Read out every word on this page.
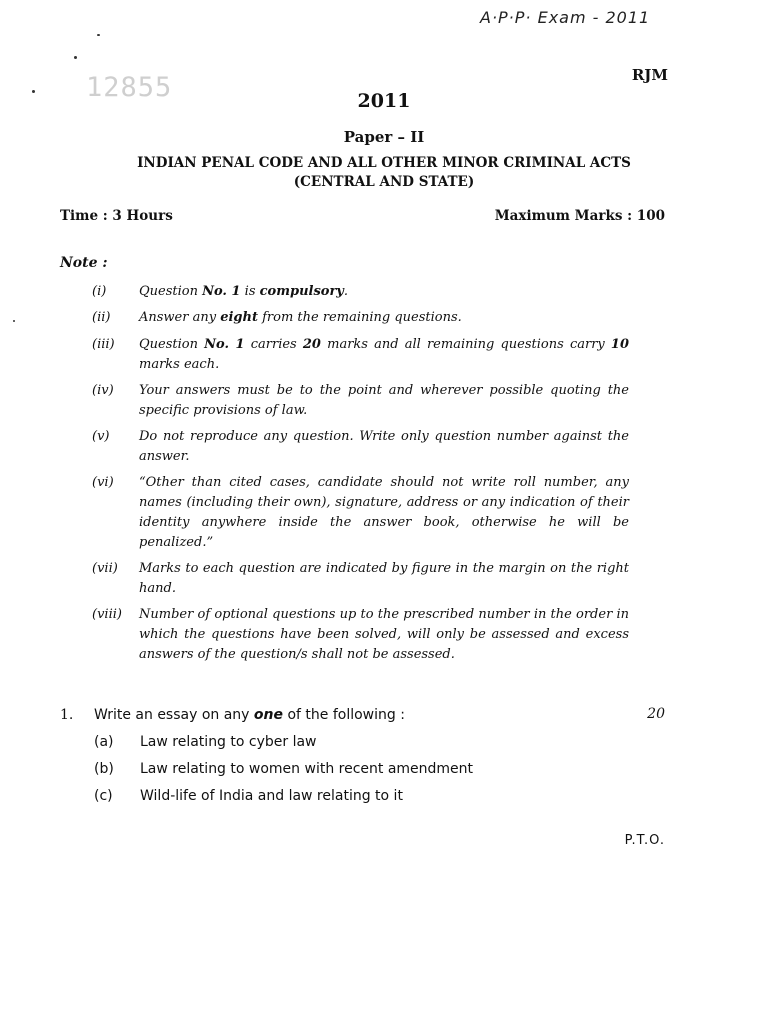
A·P·P· Exam - 2011
12855	RJM
2011
Paper – II
INDIAN PENAL CODE AND ALL OTHER MINOR CRIMINAL ACTS
(CENTRAL AND STATE)
Time : 3 Hours	Maximum Marks : 100
Note :
(i)	Question No. 1 is compulsory.
(ii) Answer any eight from the remaining questions.
(iii) Question No. 1 carries 20 marks and all remaining questions carry 10 marks each.
(iv) Your answers must be to the point and wherever possible quoting the specific provisions of law.
(v) Do not reproduce any question. Write only question number against the answer.
(vi) “Other than cited cases, candidate should not write roll number, any names (including their own), signature, address or any indication of their identity anywhere inside the answer book, otherwise he will be penalized.”
(vii) Marks to each question are indicated by figure in the margin on the right hand.
(viii) Number of optional questions up to the prescribed number in the order in which the questions have been solved, will only be assessed and excess answers of the question/s shall not be assessed.
1. Write an essay on any one of the following :	20
(a) Law relating to cyber law
(b) Law relating to women with recent amendment
(c) Wild-life of India and law relating to it
P.T.O.
